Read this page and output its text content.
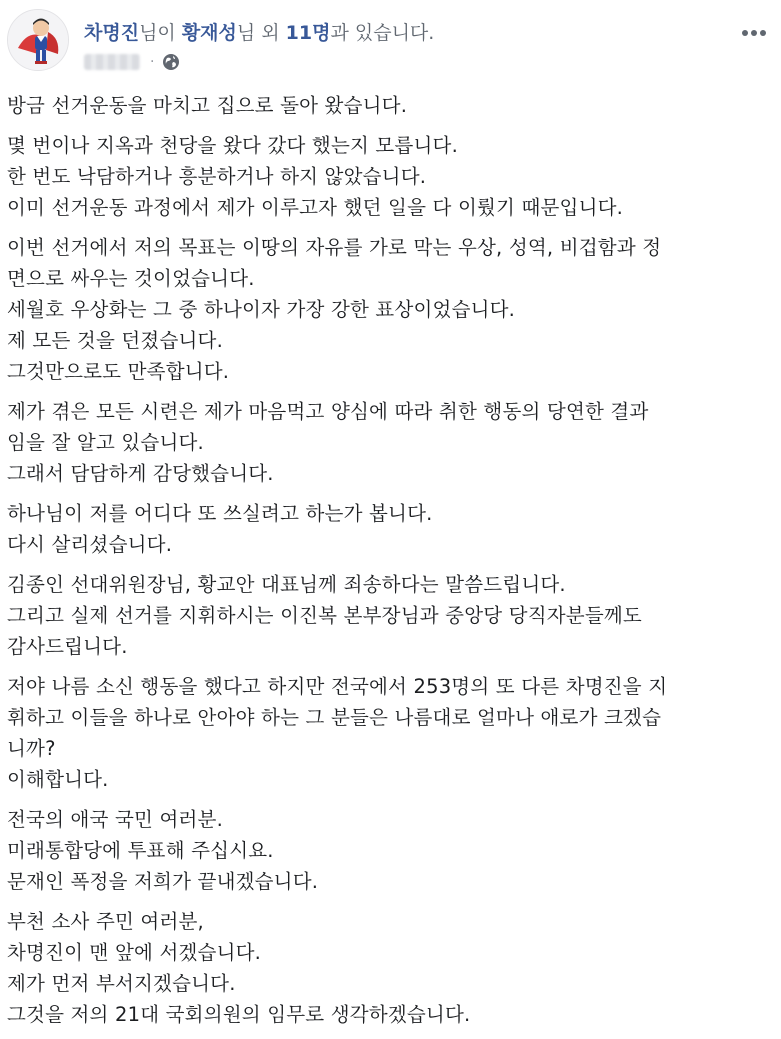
차명진님이 황재성님 외 11명과 있습니다.
·

방금 선거운동을 마치고 집으로 돌아 왔습니다.

몇 번이나 지옥과 천당을 왔다 갔다 했는지 모릅니다.
한 번도 낙담하거나 흥분하거나 하지 않았습니다.
이미 선거운동 과정에서 제가 이루고자 했던 일을 다 이뤘기 때문입니다.

이번 선거에서 저의 목표는 이땅의 자유를 가로 막는 우상, 성역, 비겁함과 정
면으로 싸우는 것이었습니다.
세월호 우상화는 그 중 하나이자 가장 강한 표상이었습니다.
제 모든 것을 던졌습니다.
그것만으로도 만족합니다.

제가 겪은 모든 시련은 제가 마음먹고 양심에 따라 취한 행동의 당연한 결과
임을 잘 알고 있습니다.
그래서 담담하게 감당했습니다.

하나님이 저를 어디다 또 쓰실려고 하는가 봅니다.
다시 살리셨습니다.

김종인 선대위원장님, 황교안 대표님께 죄송하다는 말씀드립니다.
그리고 실제 선거를 지휘하시는 이진복 본부장님과 중앙당 당직자분들께도
감사드립니다.

저야 나름 소신 행동을 했다고 하지만 전국에서 253명의 또 다른 차명진을 지
휘하고 이들을 하나로 안아야 하는 그 분들은 나름대로 얼마나 애로가 크겠습
니까?
이해합니다.

전국의 애국 국민 여러분.
미래통합당에 투표해 주십시요.
문재인 폭정을 저희가 끝내겠습니다.

부천 소사 주민 여러분,
차명진이 맨 앞에 서겠습니다.
제가 먼저 부서지겠습니다.
그것을 저의 21대 국회의원의 임무로 생각하겠습니다.
